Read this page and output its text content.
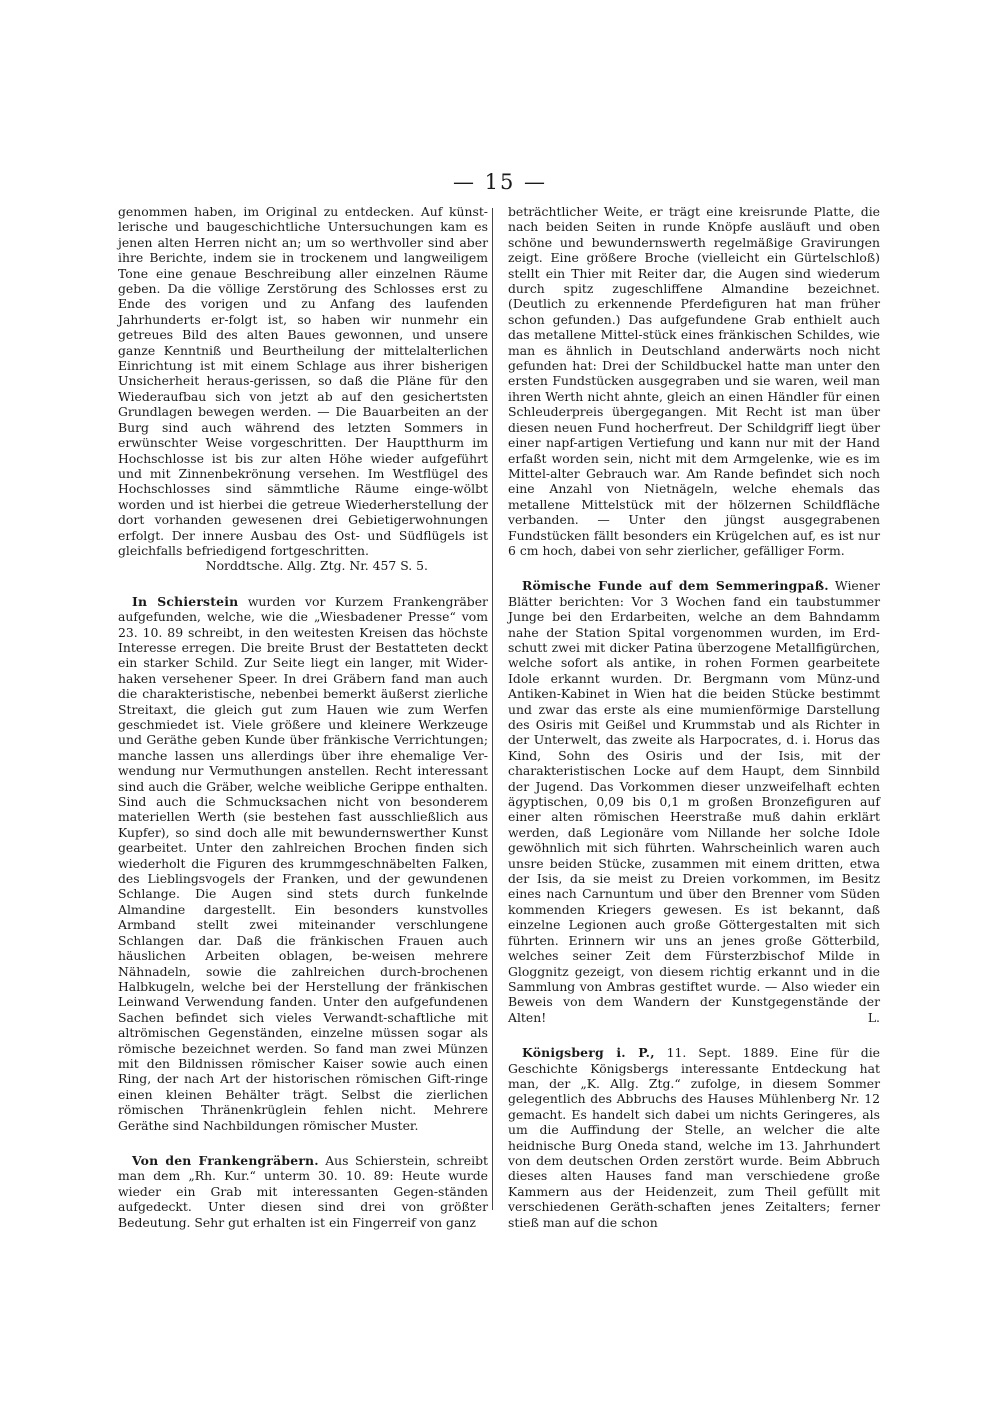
— 15 —

genommen haben, im Original zu entdecken. Auf künst-lerische und baugeschichtliche Untersuchungen kam es jenen alten Herren nicht an; um so werthvoller sind aber ihre Berichte, indem sie in trockenem und langweiligem Tone eine genaue Beschreibung aller einzelnen Räume geben. Da die völlige Zerstörung des Schlosses erst zu Ende des vorigen und zu Anfang des laufenden Jahrhunderts er-folgt ist, so haben wir nunmehr ein getreues Bild des alten Baues gewonnen, und unsere ganze Kenntniß und Beurtheilung der mittelalterlichen Einrichtung ist mit einem Schlage aus ihrer bisherigen Unsicherheit heraus-gerissen, so daß die Pläne für den Wiederaufbau sich von jetzt ab auf den gesichertsten Grundlagen bewegen werden. — Die Bauarbeiten an der Burg sind auch während des letzten Sommers in erwünschter Weise vorgeschritten. Der Hauptthurm im Hochschlosse ist bis zur alten Höhe wieder aufgeführt und mit Zinnenbekrönung versehen. Im Westflügel des Hochschlosses sind sämmtliche Räume einge-wölbt worden und ist hierbei die getreue Wiederherstellung der dort vorhanden gewesenen drei Gebietigerwohnungen erfolgt. Der innere Ausbau des Ost- und Südflügels ist gleichfalls befriedigend fortgeschritten.

Norddtsche. Allg. Ztg. Nr. 457 S. 5.

In Schierstein wurden vor Kurzem Frankengräber aufgefunden, welche, wie die „Wiesbadener Presse“ vom 23. 10. 89 schreibt, in den weitesten Kreisen das höchste Interesse erregen. Die breite Brust der Bestatteten deckt ein starker Schild. Zur Seite liegt ein langer, mit Wider-haken versehener Speer. In drei Gräbern fand man auch die charakteristische, nebenbei bemerkt äußerst zierliche Streitaxt, die gleich gut zum Hauen wie zum Werfen geschmiedet ist. Viele größere und kleinere Werkzeuge und Geräthe geben Kunde über fränkische Verrichtungen; manche lassen uns allerdings über ihre ehemalige Ver-wendung nur Vermuthungen anstellen. Recht interessant sind auch die Gräber, welche weibliche Gerippe enthalten. Sind auch die Schmucksachen nicht von besonderem materiellen Werth (sie bestehen fast ausschließlich aus Kupfer), so sind doch alle mit bewundernswerther Kunst gearbeitet. Unter den zahlreichen Brochen finden sich wiederholt die Figuren des krummgeschnäbelten Falken, des Lieblingsvogels der Franken, und der gewundenen Schlange. Die Augen sind stets durch funkelnde Almandine dargestellt. Ein besonders kunstvolles Armband stellt zwei miteinander verschlungene Schlangen dar. Daß die fränkischen Frauen auch häuslichen Arbeiten oblagen, be-weisen mehrere Nähnadeln, sowie die zahlreichen durch-brochenen Halbkugeln, welche bei der Herstellung der fränkischen Leinwand Verwendung fanden. Unter den aufgefundenen Sachen befindet sich vieles Verwandt-schaftliche mit altrömischen Gegenständen, einzelne müssen sogar als römische bezeichnet werden. So fand man zwei Münzen mit den Bildnissen römischer Kaiser sowie auch einen Ring, der nach Art der historischen römischen Gift-ringe einen kleinen Behälter trägt. Selbst die zierlichen römischen Thränenkrüglein fehlen nicht. Mehrere Geräthe sind Nachbildungen römischer Muster.

Von den Frankengräbern. Aus Schierstein, schreibt man dem „Rh. Kur.“ unterm 30. 10. 89: Heute wurde wieder ein Grab mit interessanten Gegen-ständen aufgedeckt. Unter diesen sind drei von größter Bedeutung. Sehr gut erhalten ist ein Fingerreif von ganz

beträchtlicher Weite, er trägt eine kreisrunde Platte, die nach beiden Seiten in runde Knöpfe ausläuft und oben schöne und bewundernswerth regelmäßige Gravirungen zeigt. Eine größere Broche (vielleicht ein Gürtelschloß) stellt ein Thier mit Reiter dar, die Augen sind wiederum durch spitz zugeschliffene Almandine bezeichnet. (Deutlich zu erkennende Pferdefiguren hat man früher schon gefunden.) Das aufgefundene Grab enthielt auch das metallene Mittel-stück eines fränkischen Schildes, wie man es ähnlich in Deutschland anderwärts noch nicht gefunden hat: Drei der Schildbuckel hatte man unter den ersten Fundstücken ausgegraben und sie waren, weil man ihren Werth nicht ahnte, gleich an einen Händler für einen Schleuderpreis übergegangen. Mit Recht ist man über diesen neuen Fund hocherfreut. Der Schildgriff liegt über einer napf-artigen Vertiefung und kann nur mit der Hand erfaßt worden sein, nicht mit dem Armgelenke, wie es im Mittel-alter Gebrauch war. Am Rande befindet sich noch eine Anzahl von Nietnägeln, welche ehemals das metallene Mittelstück mit der hölzernen Schildfläche verbanden. — Unter den jüngst ausgegrabenen Fundstücken fällt besonders ein Krügelchen auf, es ist nur 6 cm hoch, dabei von sehr zierlicher, gefälliger Form.

Römische Funde auf dem Semmeringpaß. Wiener Blätter berichten: Vor 3 Wochen fand ein taubstummer Junge bei den Erdarbeiten, welche an dem Bahndamm nahe der Station Spital vorgenommen wurden, im Erd-schutt zwei mit dicker Patina überzogene Metallfigürchen, welche sofort als antike, in rohen Formen gearbeitete Idole erkannt wurden. Dr. Bergmann vom Münz-und Antiken-Kabinet in Wien hat die beiden Stücke bestimmt und zwar das erste als eine mumienförmige Darstellung des Osiris mit Geißel und Krummstab und als Richter in der Unterwelt, das zweite als Harpocrates, d. i. Horus das Kind, Sohn des Osiris und der Isis, mit der charakteristischen Locke auf dem Haupt, dem Sinnbild der Jugend. Das Vorkommen dieser unzweifelhaft echten ägyptischen, 0,09 bis 0,1 m großen Bronzefiguren auf einer alten römischen Heerstraße muß dahin erklärt werden, daß Legionäre vom Nillande her solche Idole gewöhnlich mit sich führten. Wahrscheinlich waren auch unsre beiden Stücke, zusammen mit einem dritten, etwa der Isis, da sie meist zu Dreien vorkommen, im Besitz eines nach Carnuntum und über den Brenner vom Süden kommenden Kriegers gewesen. Es ist bekannt, daß einzelne Legionen auch große Göttergestalten mit sich führten. Erinnern wir uns an jenes große Götterbild, welches seiner Zeit dem Fürsterzbischof Milde in Gloggnitz gezeigt, von diesem richtig erkannt und in die Sammlung von Ambras gestiftet wurde. — Also wieder ein Beweis von dem Wandern der Kunstgegenstände der Alten!	L.

Königsberg i. P., 11. Sept. 1889. Eine für die Geschichte Königsbergs interessante Entdeckung hat man, der „K. Allg. Ztg.“ zufolge, in diesem Sommer gelegentlich des Abbruchs des Hauses Mühlenberg Nr. 12 gemacht. Es handelt sich dabei um nichts Geringeres, als um die Auffindung der Stelle, an welcher die alte heidnische Burg Oneda stand, welche im 13. Jahrhundert von dem deutschen Orden zerstört wurde. Beim Abbruch dieses alten Hauses fand man verschiedene große Kammern aus der Heidenzeit, zum Theil gefüllt mit verschiedenen Geräth-schaften jenes Zeitalters; ferner stieß man auf die schon
